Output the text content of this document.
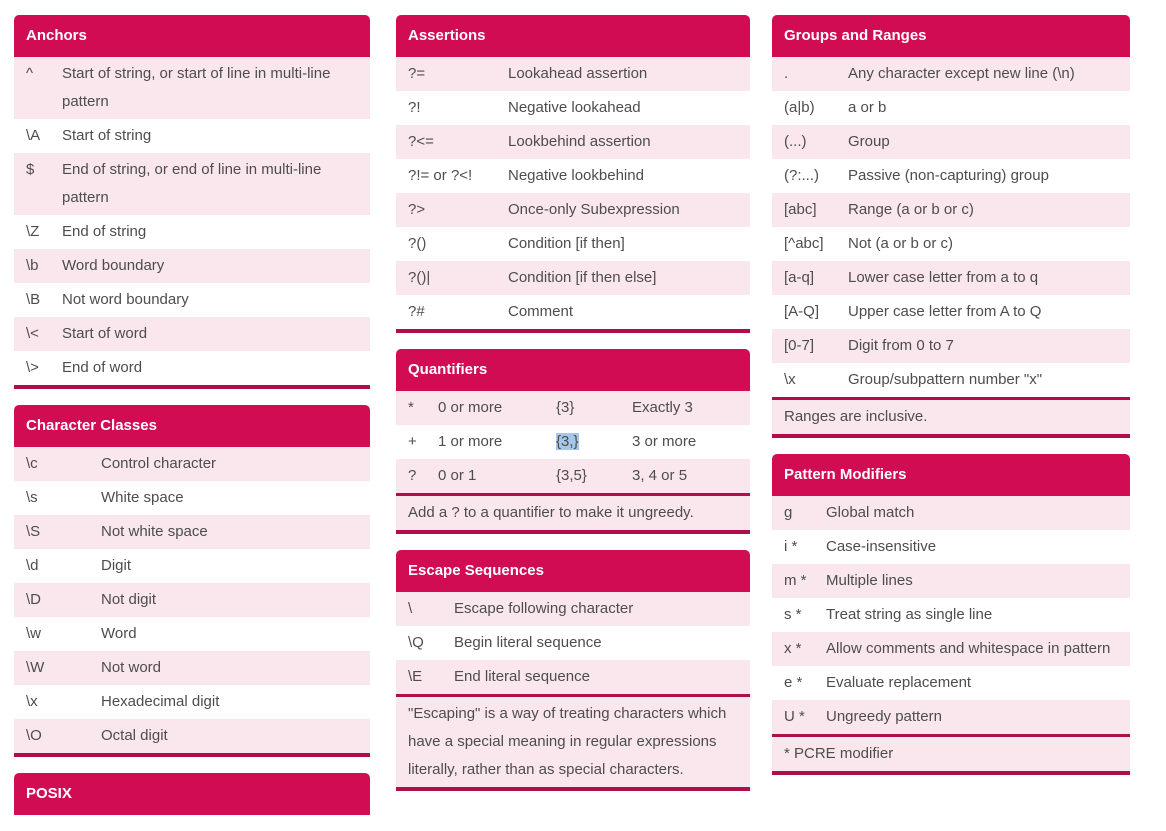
Anchors
^	Start of string, or start of line in multi-line pattern
\A	Start of string
$	End of string, or end of line in multi-line pattern
\Z	End of string
\b	Word boundary
\B	Not word boundary
\<	Start of word
\>	End of word
Character Classes
\c	Control character
\s	White space
\S	Not white space
\d	Digit
\D	Not digit
\w	Word
\W	Not word
\x	Hexadecimal digit
\O	Octal digit
POSIX
Assertions
?=	Lookahead assertion
?!	Negative lookahead
?<=	Lookbehind assertion
?!= or ?<!	Negative lookbehind
?>	Once-only Subexpression
?()	Condition [if then]
?()|	Condition [if then else]
?#	Comment
Quantifiers
*	0 or more	{3}	Exactly 3
+	1 or more	{3,}	3 or more
?	0 or 1	{3,5}	3, 4 or 5
Add a ? to a quantifier to make it ungreedy.
Escape Sequences
\	Escape following character
\Q	Begin literal sequence
\E	End literal sequence
"Escaping" is a way of treating characters which have a special meaning in regular expressions literally, rather than as special characters.
Groups and Ranges
.	Any character except new line (\n)
(a|b)	a or b
(...)	Group
(?:...)	Passive (non-capturing) group
[abc]	Range (a or b or c)
[^abc]	Not (a or b or c)
[a-q]	Lower case letter from a to q
[A-Q]	Upper case letter from A to Q
[0-7]	Digit from 0 to 7
\x	Group/subpattern number "x"
Ranges are inclusive.
Pattern Modifiers
g	Global match
i *	Case-insensitive
m *	Multiple lines
s *	Treat string as single line
x *	Allow comments and whitespace in pattern
e *	Evaluate replacement
U *	Ungreedy pattern
* PCRE modifier
